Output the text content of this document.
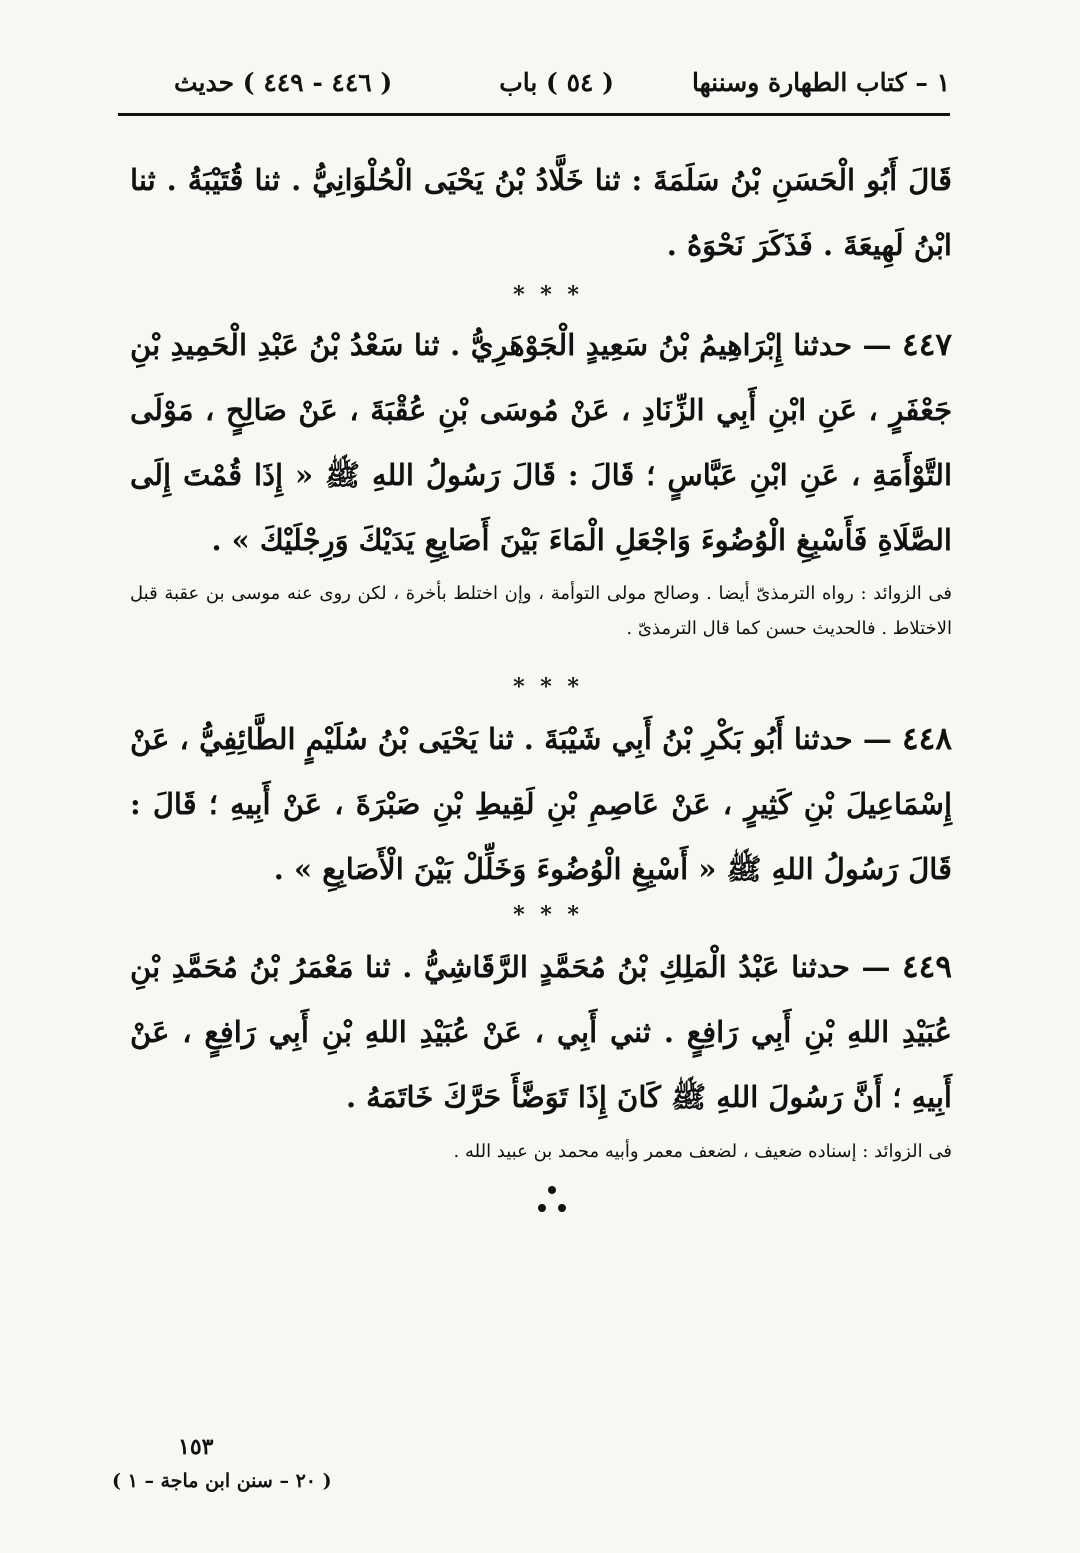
١ – كتاب الطهارة وسننها
( ٥٤ ) باب
( ٤٤٦ - ٤٤٩ ) حديث
قَالَ أَبُو الْحَسَنِ بْنُ سَلَمَةَ : ثنا خَلَّادُ بْنُ يَحْيَى الْحُلْوَانِيُّ . ثنا قُتَيْبَةُ . ثنا ابْنُ لَهِيعَةَ . فَذَكَرَ نَحْوَهُ .
* * *
٤٤٧ — حدثنا إِبْرَاهِيمُ بْنُ سَعِيدٍ الْجَوْهَرِيُّ . ثنا سَعْدُ بْنُ عَبْدِ الْحَمِيدِ بْنِ جَعْفَرٍ ، عَنِ ابْنِ أَبِي الزِّنَادِ ، عَنْ مُوسَى بْنِ عُقْبَةَ ، عَنْ صَالِحٍ ، مَوْلَى التَّوْأَمَةِ ، عَنِ ابْنِ عَبَّاسٍ ؛ قَالَ : قَالَ رَسُولُ اللهِ ﷺ « إِذَا قُمْتَ إِلَى الصَّلَاةِ فَأَسْبِغِ الْوُضُوءَ وَاجْعَلِ الْمَاءَ بَيْنَ أَصَابِعِ يَدَيْكَ وَرِجْلَيْكَ » .
فى الزوائد : رواه الترمذىّ أيضا . وصالح مولى التوأمة ، وإن اختلط بأخرة ، لكن روى عنه موسى بن عقبة قبل الاختلاط . فالحديث حسن كما قال الترمذىّ .
* * *
٤٤٨ — حدثنا أَبُو بَكْرِ بْنُ أَبِي شَيْبَةَ . ثنا يَحْيَى بْنُ سُلَيْمٍ الطَّائِفِيُّ ، عَنْ إِسْمَاعِيلَ بْنِ كَثِيرٍ ، عَنْ عَاصِمِ بْنِ لَقِيطِ بْنِ صَبْرَةَ ، عَنْ أَبِيهِ ؛ قَالَ : قَالَ رَسُولُ اللهِ ﷺ « أَسْبِغِ الْوُضُوءَ وَخَلِّلْ بَيْنَ الْأَصَابِعِ » .
* * *
٤٤٩ — حدثنا عَبْدُ الْمَلِكِ بْنُ مُحَمَّدٍ الرَّقَاشِيُّ . ثنا مَعْمَرُ بْنُ مُحَمَّدِ بْنِ عُبَيْدِ اللهِ بْنِ أَبِي رَافِعٍ . ثني أَبِي ، عَنْ عُبَيْدِ اللهِ بْنِ أَبِي رَافِعٍ ، عَنْ أَبِيهِ ؛ أَنَّ رَسُولَ اللهِ ﷺ كَانَ إِذَا تَوَضَّأَ حَرَّكَ خَاتَمَهُ .
فى الزوائد : إسناده ضعيف ، لضعف معمر وأبيه محمد بن عبيد الله .
١٥٣
( ٢٠ – سنن ابن ماجة – ١ )
